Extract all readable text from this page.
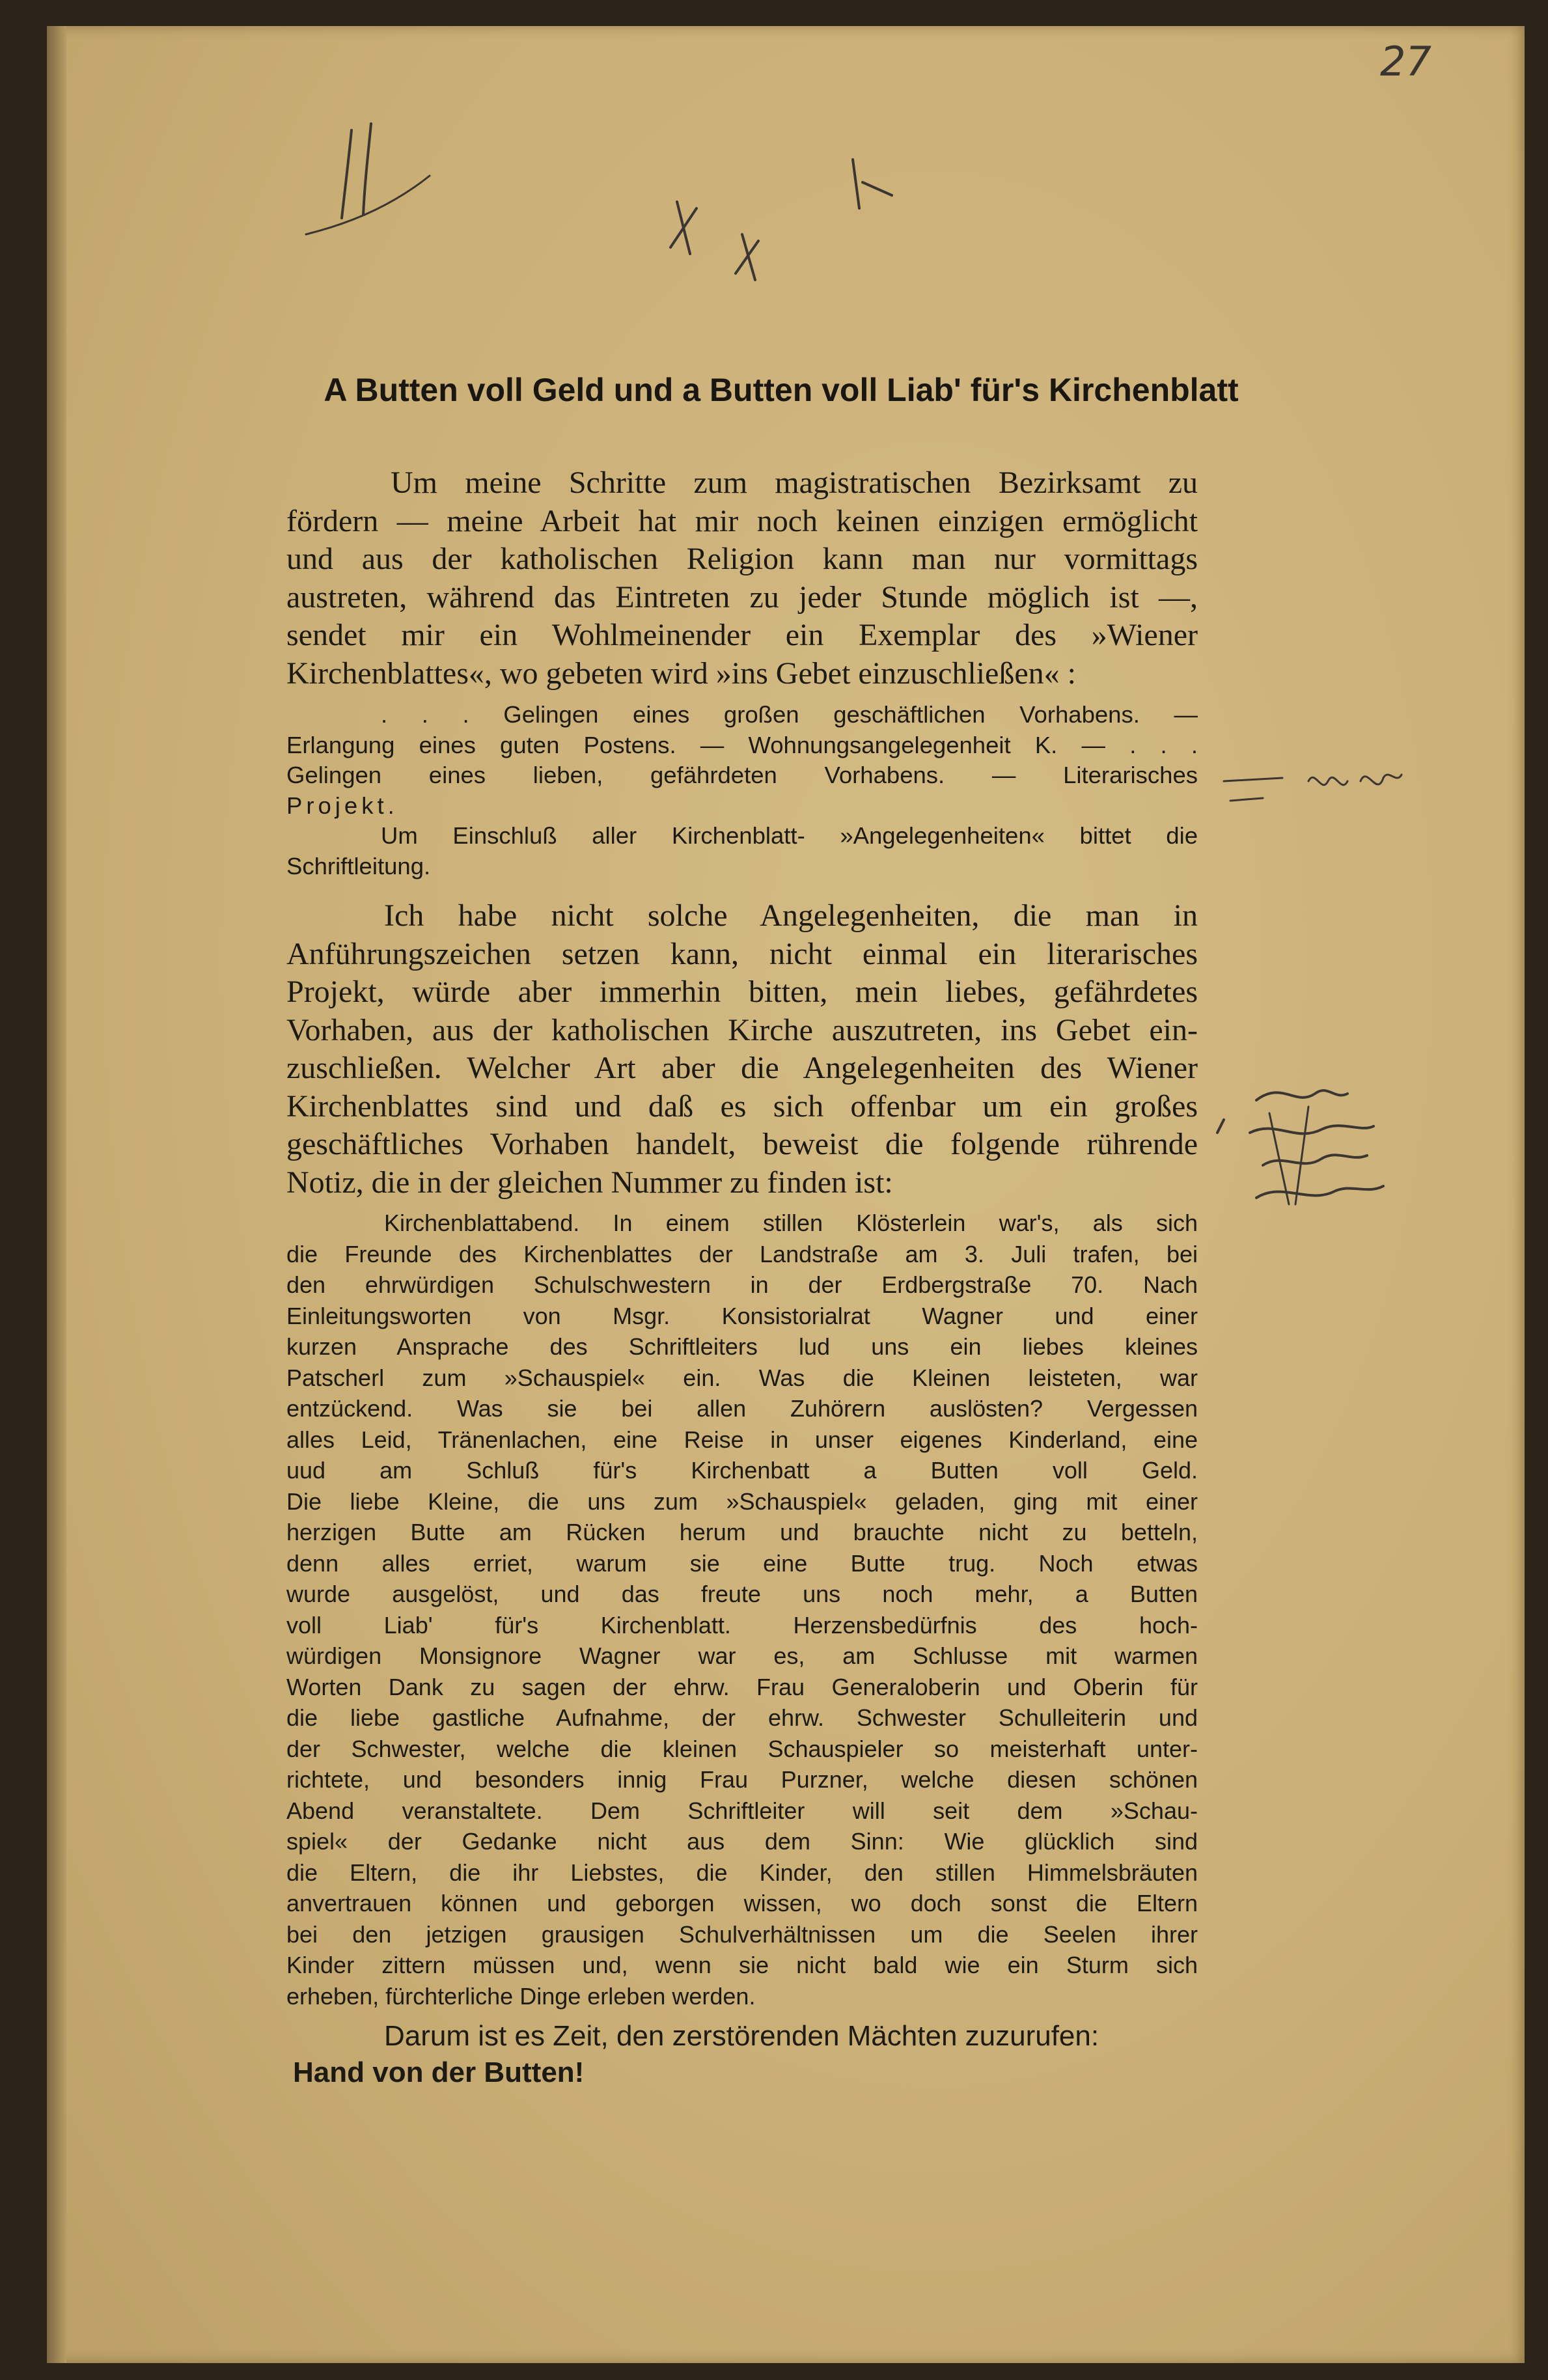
27
A Butten voll Geld und a Butten voll Liab' für's Kirchenblatt
Um meine Schritte zum magistratischen Bezirksamt zu
fördern — meine Arbeit hat mir noch keinen einzigen ermöglicht
und aus der katholischen Religion kann man nur vormittags
austreten, während das Eintreten zu jeder Stunde möglich ist —,
sendet mir ein Wohlmeinender ein Exemplar des »Wiener
Kirchenblattes«, wo gebeten wird »ins Gebet einzuschließen« :
. . . Gelingen eines großen geschäftlichen Vorhabens. —
Erlangung eines guten Postens. — Wohnungsangelegenheit K. — . . .
Gelingen eines lieben, gefährdeten Vorhabens. — Literarisches
Projekt.
Um Einschluß aller Kirchenblatt- »Angelegenheiten« bittet die
Schriftleitung.
Ich habe nicht solche Angelegenheiten, die man in
Anführungszeichen setzen kann, nicht einmal ein literarisches
Projekt, würde aber immerhin bitten, mein liebes, gefährdetes
Vorhaben, aus der katholischen Kirche auszutreten, ins Gebet ein-
zuschließen. Welcher Art aber die Angelegenheiten des Wiener
Kirchenblattes sind und daß es sich offenbar um ein großes
geschäftliches Vorhaben handelt, beweist die folgende rührende
Notiz, die in der gleichen Nummer zu finden ist:
Kirchenblattabend. In einem stillen Klösterlein war's, als sich
die Freunde des Kirchenblattes der Landstraße am 3. Juli trafen, bei
den ehrwürdigen Schulschwestern in der Erdbergstraße 70. Nach
Einleitungsworten von Msgr. Konsistorialrat Wagner und einer
kurzen Ansprache des Schriftleiters lud uns ein liebes kleines
Patscherl zum »Schauspiel« ein. Was die Kleinen leisteten, war
entzückend. Was sie bei allen Zuhörern auslösten? Vergessen
alles Leid, Tränenlachen, eine Reise in unser eigenes Kinderland, eine
uud am Schluß für's Kirchenbatt a Butten voll Geld.
Die liebe Kleine, die uns zum »Schauspiel« geladen, ging mit einer
herzigen Butte am Rücken herum und brauchte nicht zu betteln,
denn alles erriet, warum sie eine Butte trug. Noch etwas
wurde ausgelöst, und das freute uns noch mehr, a Butten
voll Liab' für's Kirchenblatt. Herzensbedürfnis des hoch-
würdigen Monsignore Wagner war es, am Schlusse mit warmen
Worten Dank zu sagen der ehrw. Frau Generaloberin und Oberin für
die liebe gastliche Aufnahme, der ehrw. Schwester Schulleiterin und
der Schwester, welche die kleinen Schauspieler so meisterhaft unter-
richtete, und besonders innig Frau Purzner, welche diesen schönen
Abend veranstaltete. Dem Schriftleiter will seit dem »Schau-
spiel« der Gedanke nicht aus dem Sinn: Wie glücklich sind
die Eltern, die ihr Liebstes, die Kinder, den stillen Himmelsbräuten
anvertrauen können und geborgen wissen, wo doch sonst die Eltern
bei den jetzigen grausigen Schulverhältnissen um die Seelen ihrer
Kinder zittern müssen und, wenn sie nicht bald wie ein Sturm sich
erheben, fürchterliche Dinge erleben werden.
Darum ist es Zeit, den zerstörenden Mächten zuzurufen:
Hand von der Butten!
